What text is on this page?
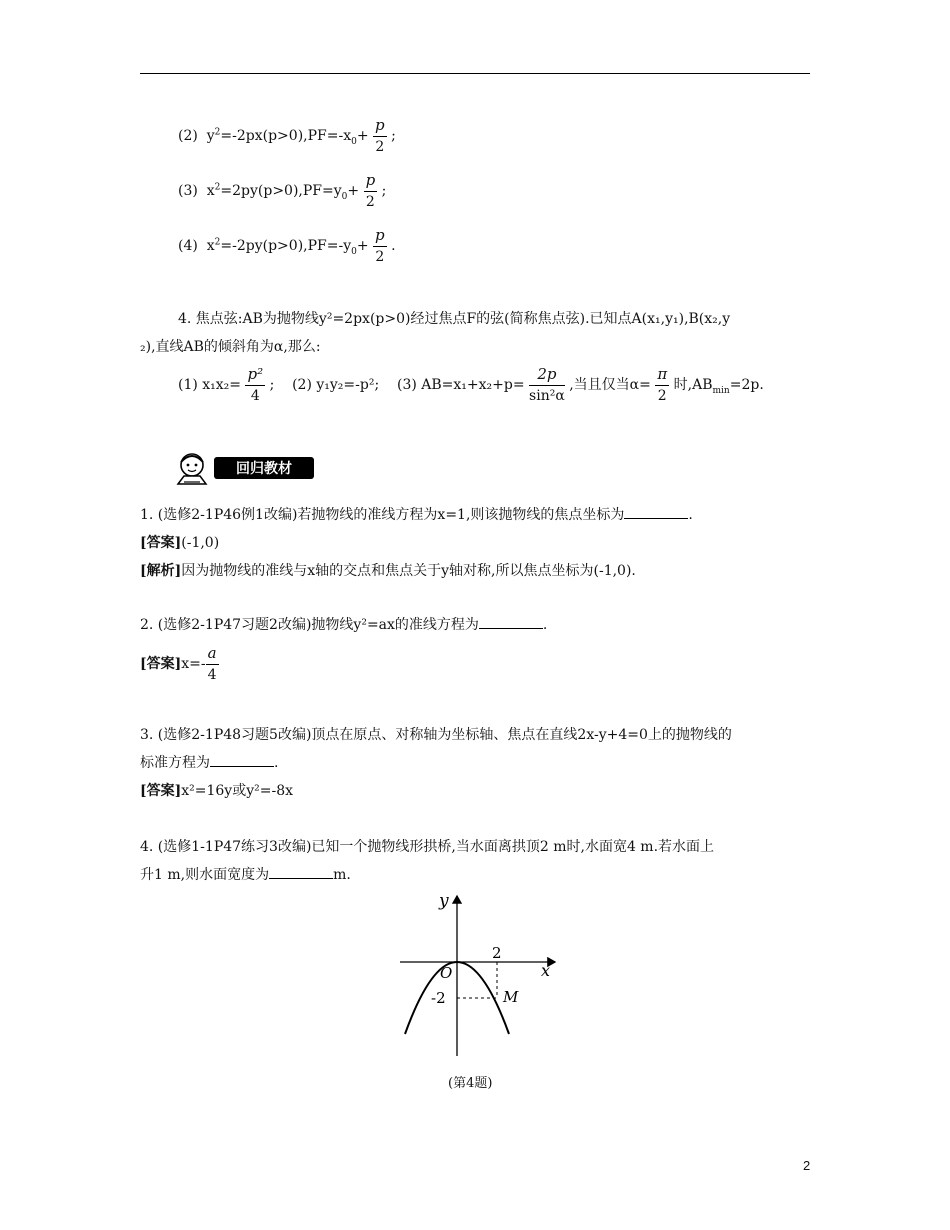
(2) $y^2=-2px(p>0),PF=-x_0+ \frac{p}{2}$ ;
(3) $x^2=2py(p>0),PF=y_0+ \frac{p}{2}$ ;
(4) $x^2=-2py(p>0),PF=-y_0+ \frac{p}{2}$ .
4. 焦点弦:AB为抛物线y²=2px(p>0)经过焦点F的弦(简称焦点弦).已知点A(x₁,y₁),B(x₂,y
₂),直线AB的倾斜角为α,那么:
(1) $x_1x_2= \frac{\text{p²}}{4}$ ; (2) y₁y₂=-p²; (3) $AB=x_1+x_2+p= \frac{2p}{\text{sin²α}}$ ,当且仅当$\alpha= \frac{\pi}{2}$ 时$,AB_{min}=2p$.
回归教材
1. (选修2-1P46例1改编)若抛物线的准线方程为x=1,则该抛物线的焦点坐标为	.
[答案](-1,0)
[解析]因为抛物线的准线与x轴的交点和焦点关于y轴对称,所以焦点坐标为(-1,0).
2. (选修2-1P47习题2改编)抛物线y²=ax的准线方程为	.
[答案]$x=- \frac{a}{4}$
3. (选修2-1P48习题5改编)顶点在原点、对称轴为坐标轴、焦点在直线2x-y+4=0上的抛物线的
标准方程为	.
[答案]x²=16y或y²=-8x
4. (选修1-1P47练习3改编)已知一个抛物线形拱桥,当水面离拱顶2 m时,水面宽4 m.若水面上
升1 m,则水面宽度为	m.
y
x
O
2
-2	M
(第4题)
2
